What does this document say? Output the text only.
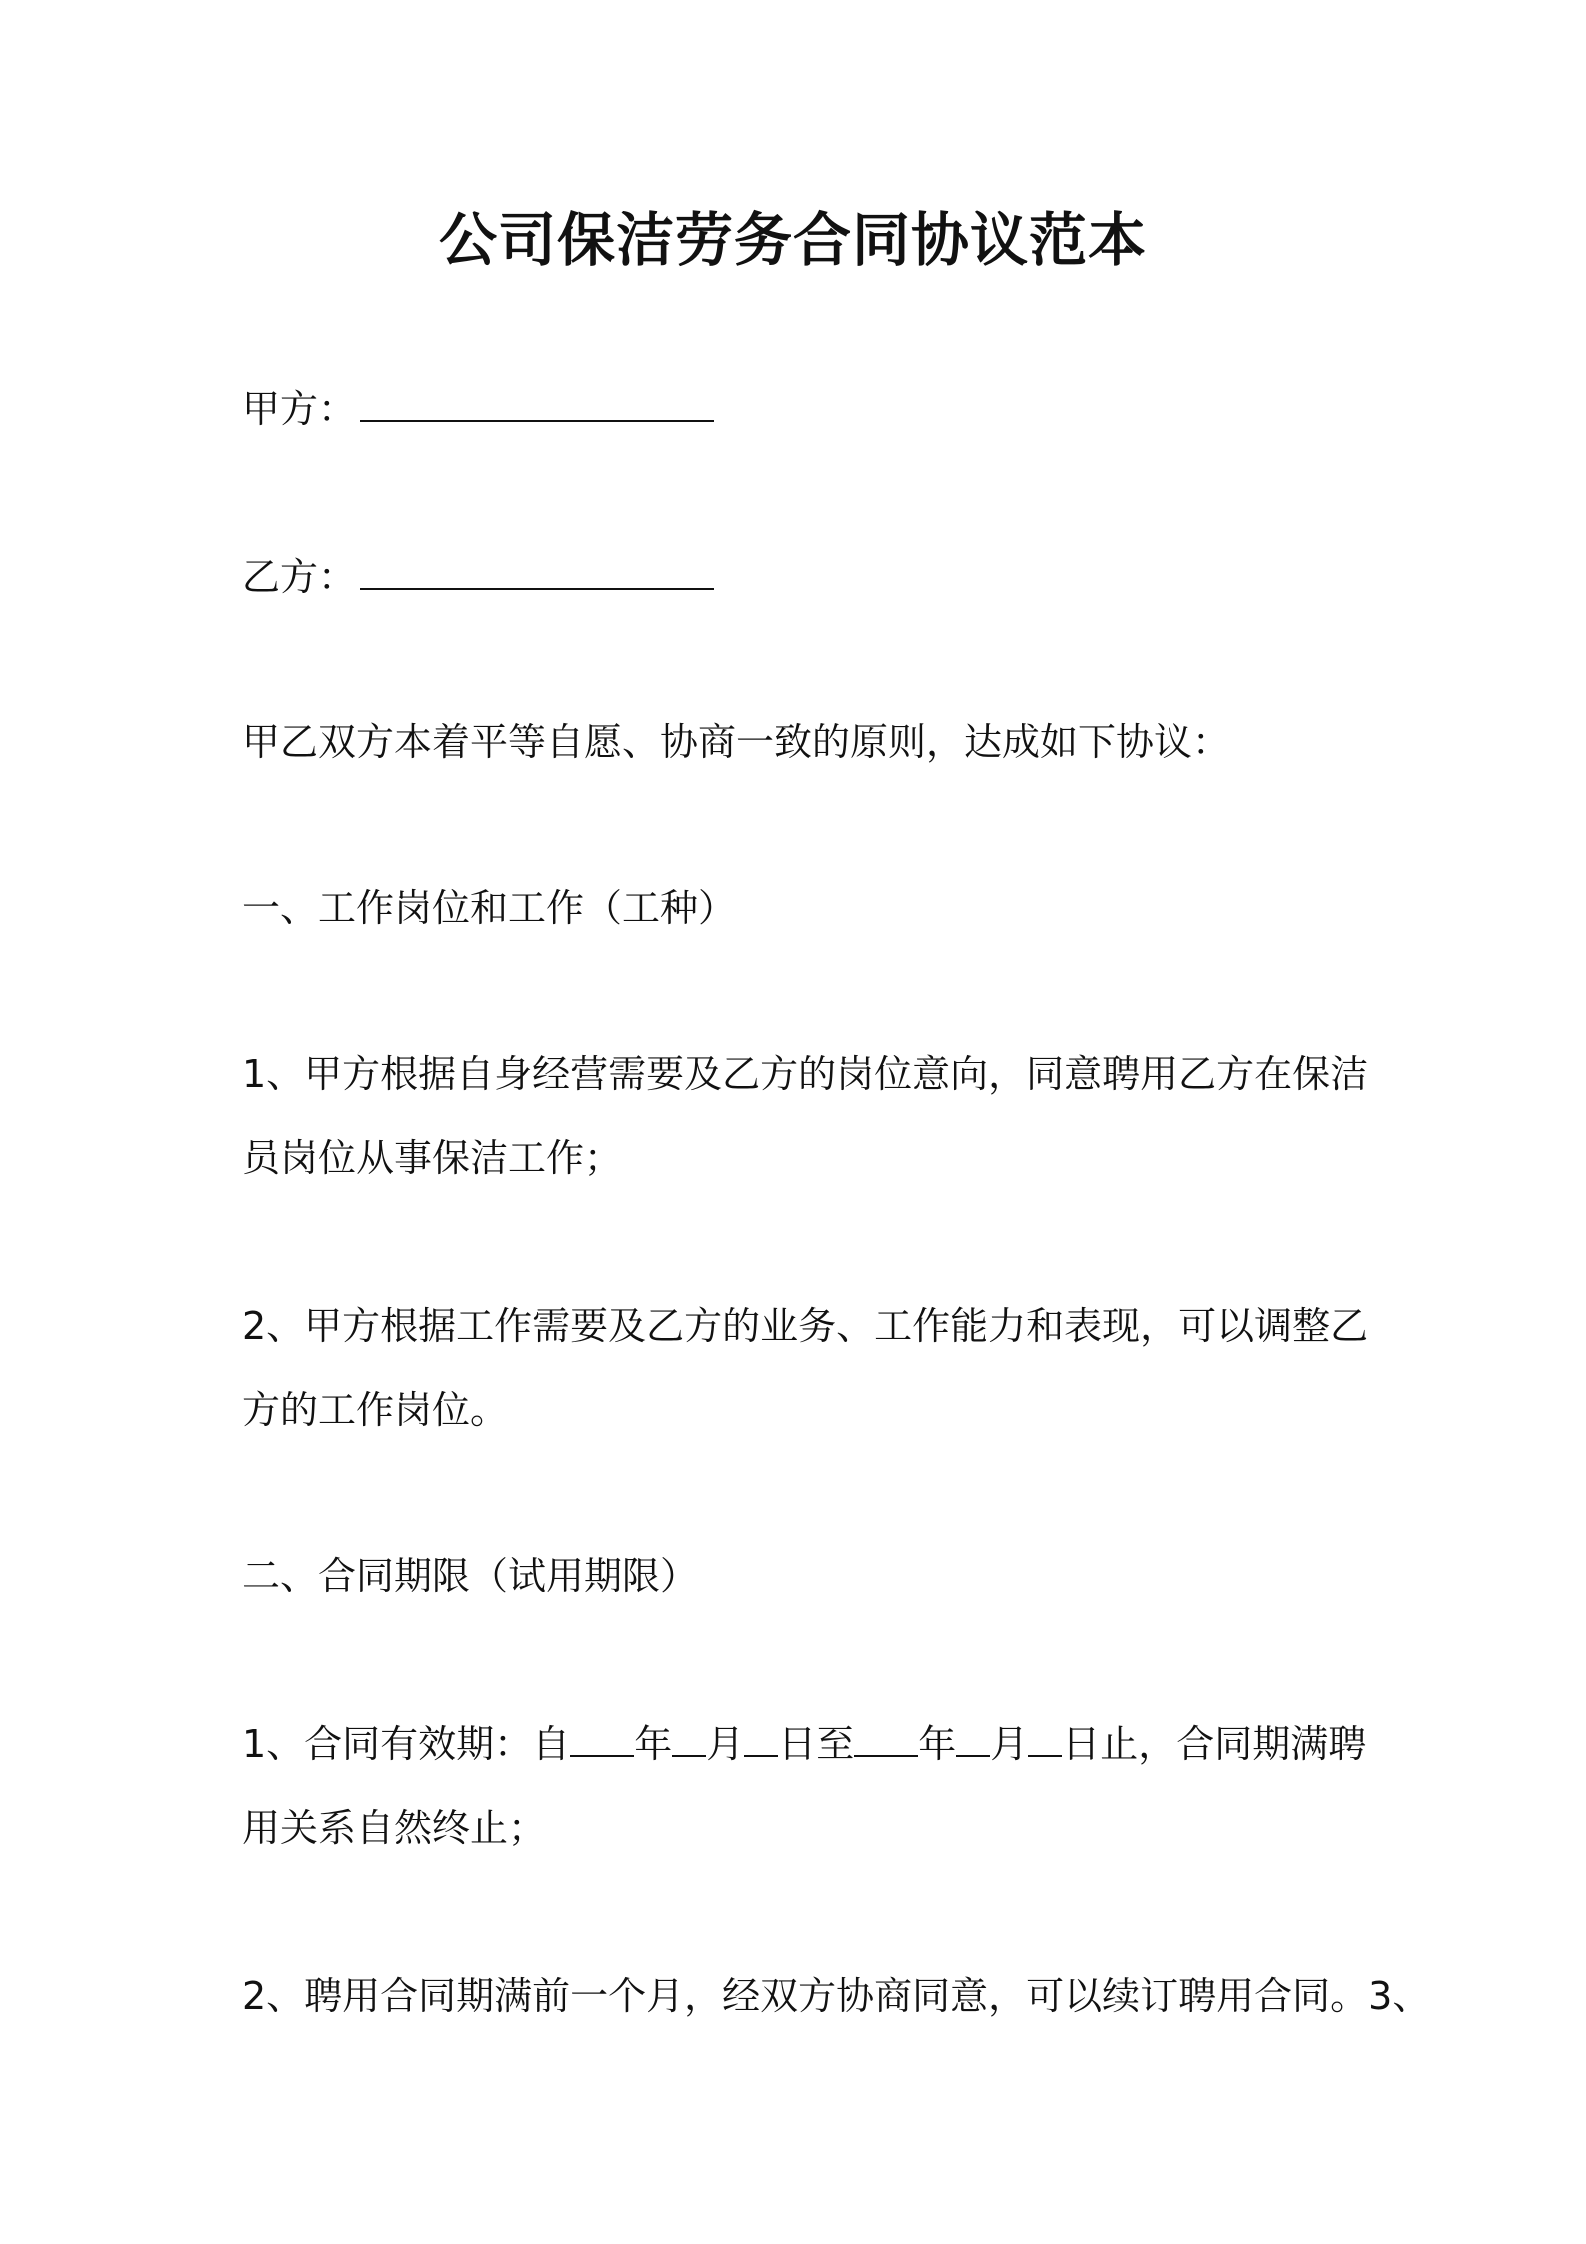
公司保洁劳务合同协议范本
甲方：
乙方：
甲乙双方本着平等自愿、协商一致的原则，达成如下协议：
一、工作岗位和工作（工种）
1、甲方根据自身经营需要及乙方的岗位意向，同意聘用乙方在保洁
员岗位从事保洁工作；
2、甲方根据工作需要及乙方的业务、工作能力和表现，可以调整乙
方的工作岗位。
二、合同期限（试用期限）
1、合同有效期：自 年 月 日至 年 月 日止，合同期满聘
用关系自然终止；
2、聘用合同期满前一个月，经双方协商同意，可以续订聘用合同。3、
